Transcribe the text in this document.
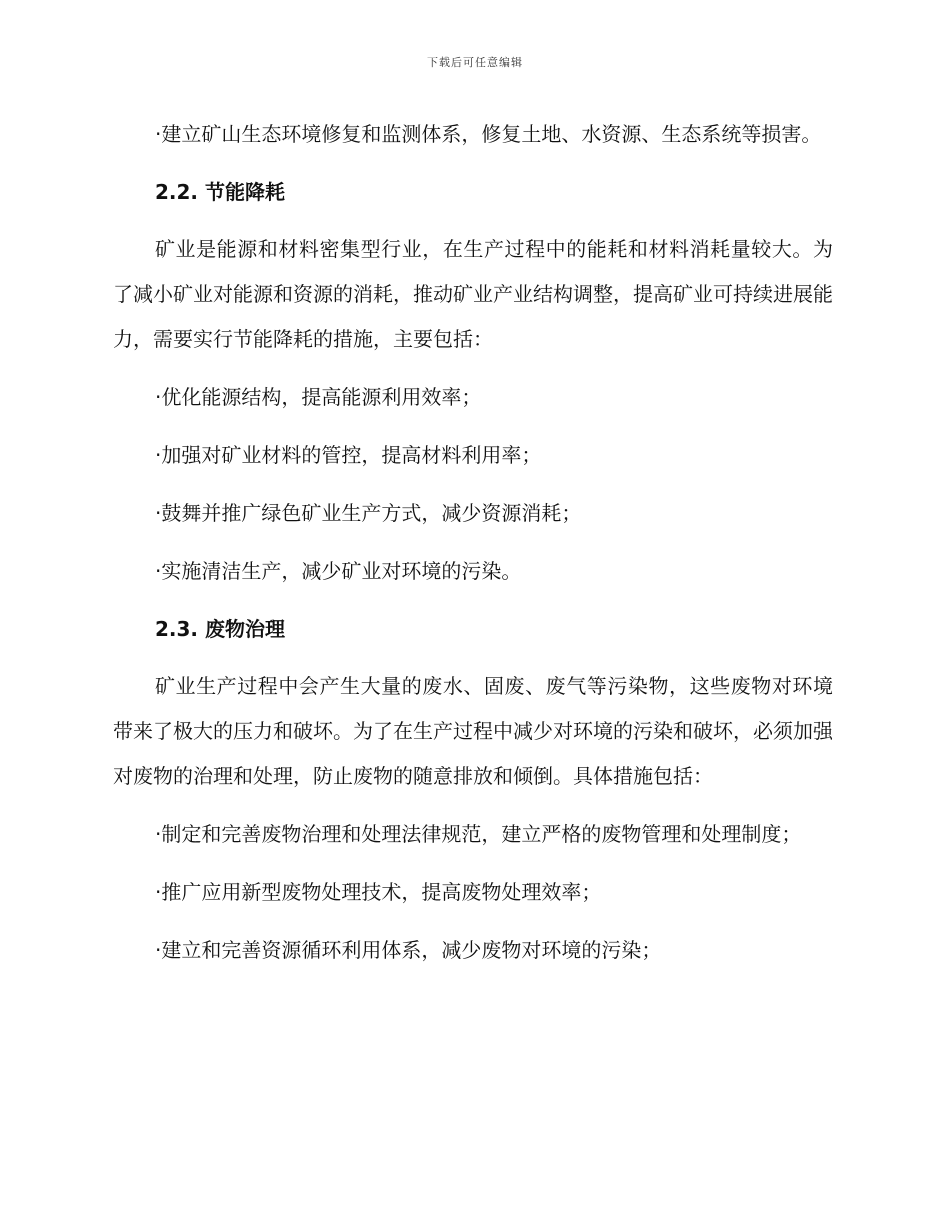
下载后可任意编辑

·建立矿山生态环境修复和监测体系，修复土地、水资源、生态系统等损害。

2.2. 节能降耗

矿业是能源和材料密集型行业，在生产过程中的能耗和材料消耗量较大。为了减小矿业对能源和资源的消耗，推动矿业产业结构调整，提高矿业可持续进展能力，需要实行节能降耗的措施，主要包括：

·优化能源结构，提高能源利用效率；

·加强对矿业材料的管控，提高材料利用率；

·鼓舞并推广绿色矿业生产方式，减少资源消耗；

·实施清洁生产，减少矿业对环境的污染。

2.3. 废物治理

矿业生产过程中会产生大量的废水、固废、废气等污染物，这些废物对环境带来了极大的压力和破坏。为了在生产过程中减少对环境的污染和破坏，必须加强对废物的治理和处理，防止废物的随意排放和倾倒。具体措施包括：

·制定和完善废物治理和处理法律规范，建立严格的废物管理和处理制度；

·推广应用新型废物处理技术，提高废物处理效率；

·建立和完善资源循环利用体系，减少废物对环境的污染；
